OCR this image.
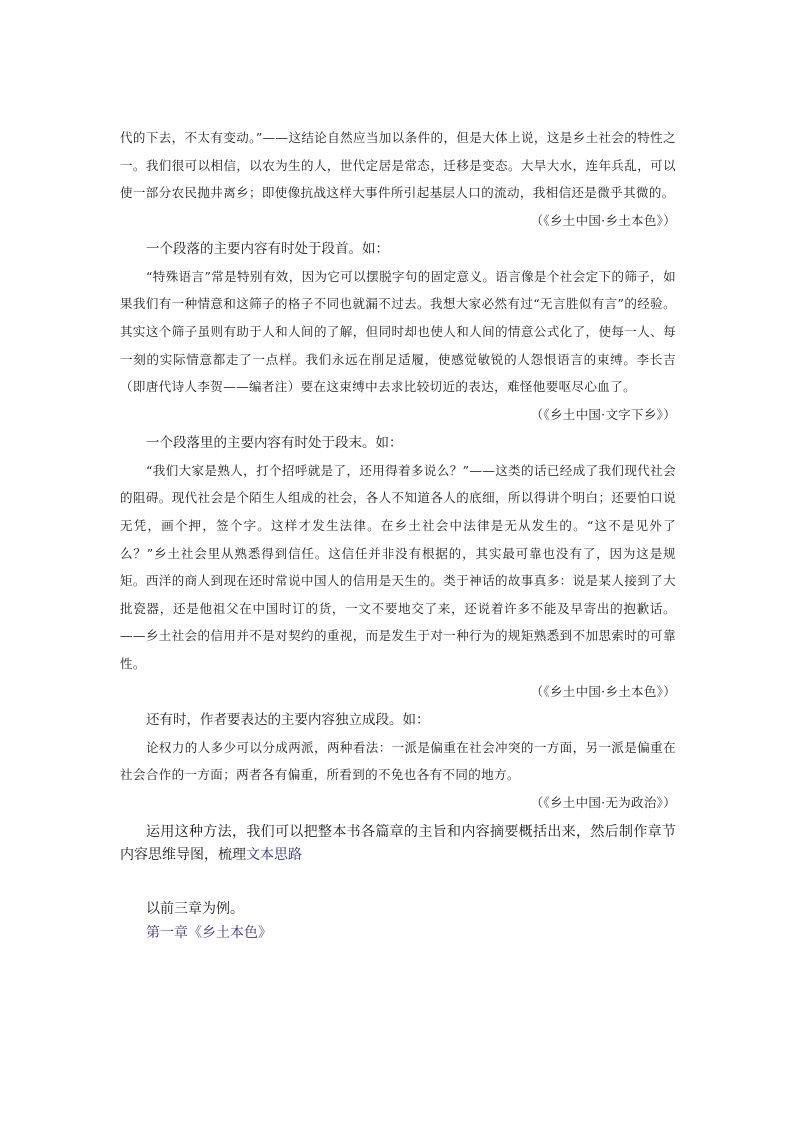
代的下去，不太有变动。”——这结论自然应当加以条件的，但是大体上说，这是乡土社会的特性之一。我们很可以相信，以农为生的人，世代定居是常态，迁移是变态。大旱大水，连年兵乱，可以使一部分农民抛井离乡；即使像抗战这样大事件所引起基层人口的流动，我相信还是微乎其微的。

（《乡土中国·乡土本色》）

一个段落的主要内容有时处于段首。如：

“特殊语言”常是特别有效，因为它可以摆脱字句的固定意义。语言像是个社会定下的筛子，如果我们有一种情意和这筛子的格子不同也就漏不过去。我想大家必然有过“无言胜似有言”的经验。其实这个筛子虽则有助于人和人间的了解，但同时却也使人和人间的情意公式化了，使每一人、每一刻的实际情意都走了一点样。我们永远在削足适履，使感觉敏锐的人怨恨语言的束缚。李长吉（即唐代诗人李贺——编者注）要在这束缚中去求比较切近的表达，难怪他要呕尽心血了。

（《乡土中国·文字下乡》）

一个段落里的主要内容有时处于段末。如：

“我们大家是熟人，打个招呼就是了，还用得着多说么？”——这类的话已经成了我们现代社会的阻碍。现代社会是个陌生人组成的社会，各人不知道各人的底细，所以得讲个明白；还要怕口说无凭，画个押，签个字。这样才发生法律。在乡土社会中法律是无从发生的。“这不是见外了么？”乡土社会里从熟悉得到信任。这信任并非没有根据的，其实最可靠也没有了，因为这是规矩。西洋的商人到现在还时常说中国人的信用是天生的。类于神话的故事真多：说是某人接到了大批瓷器，还是他祖父在中国时订的货，一文不要地交了来，还说着许多不能及早寄出的抱歉话。——乡土社会的信用并不是对契约的重视，而是发生于对一种行为的规矩熟悉到不加思索时的可靠性。

（《乡土中国·乡土本色》）

还有时，作者要表达的主要内容独立成段。如：

论权力的人多少可以分成两派，两种看法：一派是偏重在社会冲突的一方面，另一派是偏重在社会合作的一方面；两者各有偏重，所看到的不免也各有不同的地方。

（《乡土中国·无为政治》）

运用这种方法，我们可以把整本书各篇章的主旨和内容摘要概括出来，然后制作章节内容思维导图，梳理文本思路

以前三章为例。

第一章《乡土本色》
